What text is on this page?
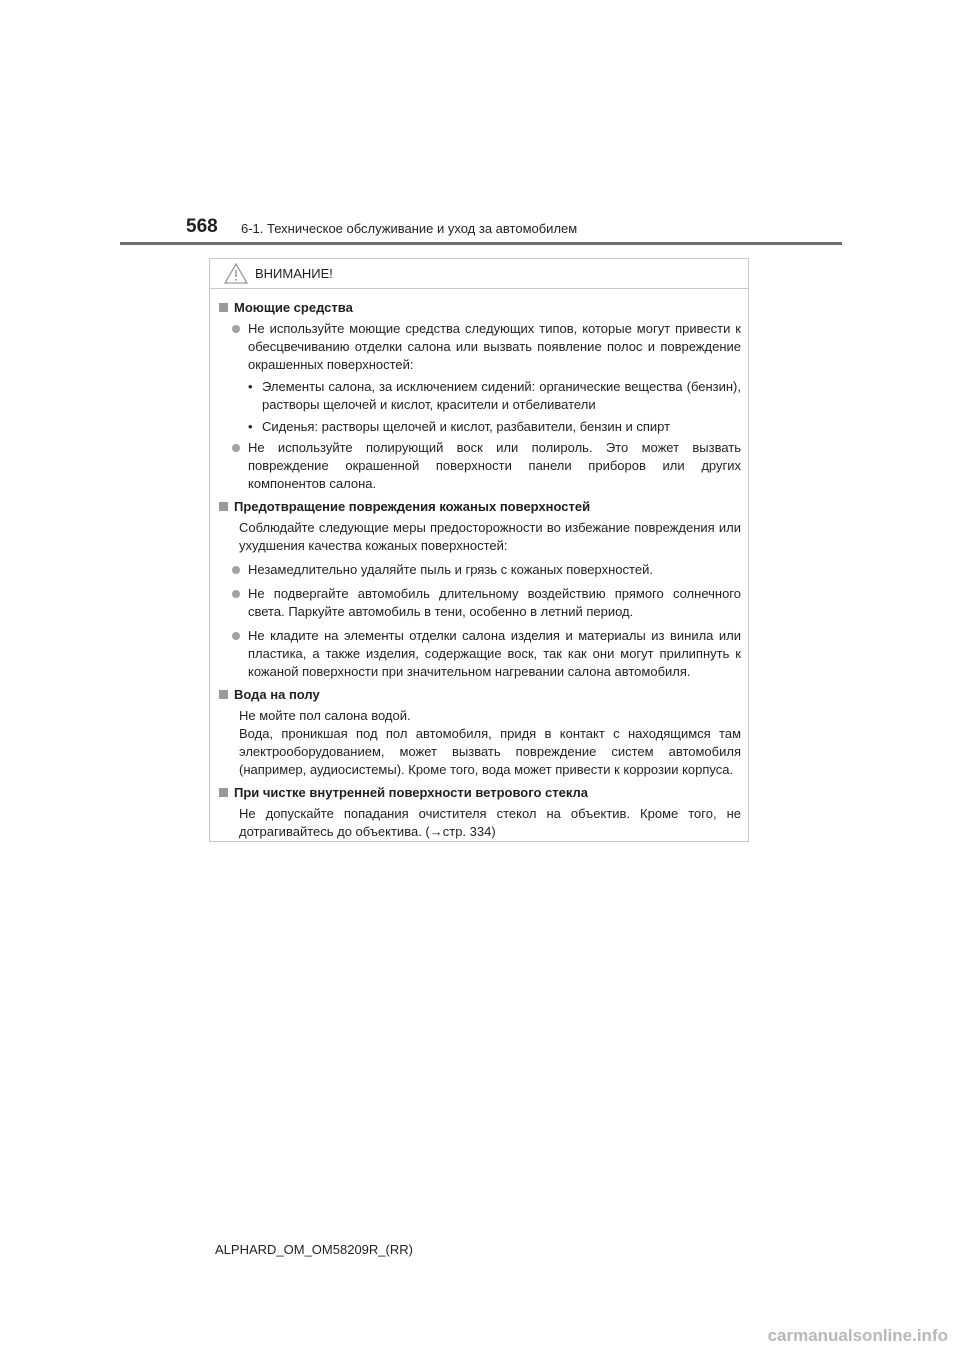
568 6-1. Техническое обслуживание и уход за автомобилем
ВНИМАНИЕ!
Моющие средства
Не используйте моющие средства следующих типов, которые могут привести к обесцвечиванию отделки салона или вызвать появление полос и повреждение окрашенных поверхностей:
• Элементы салона, за исключением сидений: органические вещества (бензин), растворы щелочей и кислот, красители и отбеливатели
• Сиденья: растворы щелочей и кислот, разбавители, бензин и спирт
Не используйте полирующий воск или полироль. Это может вызвать повреждение окрашенной поверхности панели приборов или других компонентов салона.
Предотвращение повреждения кожаных поверхностей
Соблюдайте следующие меры предосторожности во избежание повреждения или ухудшения качества кожаных поверхностей:
Незамедлительно удаляйте пыль и грязь с кожаных поверхностей.
Не подвергайте автомобиль длительному воздействию прямого солнечного света. Паркуйте автомобиль в тени, особенно в летний период.
Не кладите на элементы отделки салона изделия и материалы из винила или пластика, а также изделия, содержащие воск, так как они могут прилипнуть к кожаной поверхности при значительном нагревании салона автомобиля.
Вода на полу
Не мойте пол салона водой.
Вода, проникшая под пол автомобиля, придя в контакт с находящимся там электрооборудованием, может вызвать повреждение систем автомобиля (например, аудиосистемы). Кроме того, вода может привести к коррозии корпуса.
При чистке внутренней поверхности ветрового стекла
Не допускайте попадания очистителя стекол на объектив. Кроме того, не дотрагивайтесь до объектива. (→стр. 334)
ALPHARD_OM_OM58209R_(RR)
carmanualsonline.info
